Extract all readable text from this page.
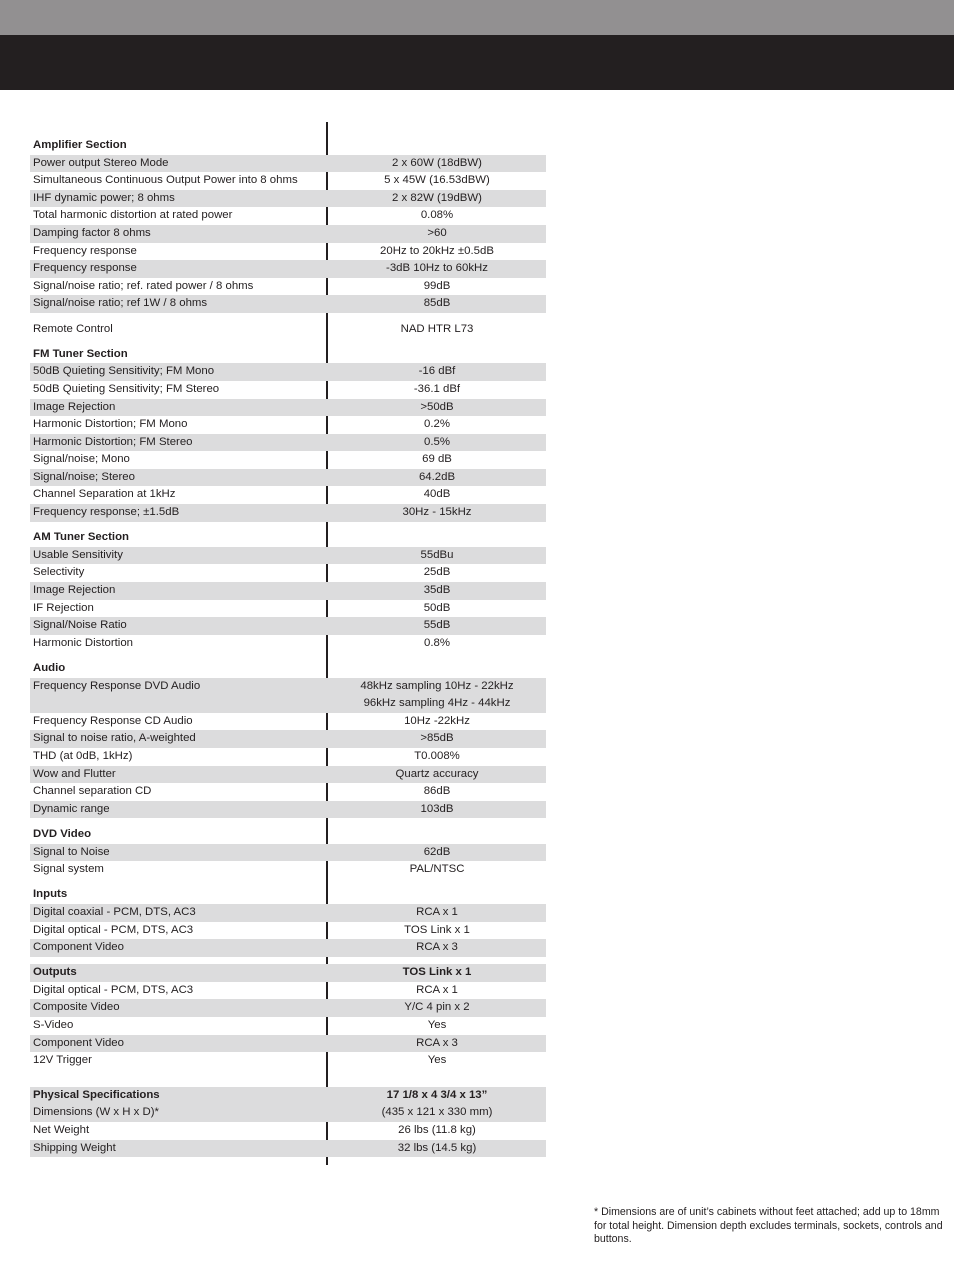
Amplifier Section
Power output Stereo Mode	2 x 60W (18dBW)
Simultaneous Continuous Output Power into 8 ohms	5 x 45W (16.53dBW)
IHF dynamic power; 8 ohms	2 x 82W (19dBW)
Total harmonic distortion at rated power	0.08%
Damping factor 8 ohms	>60
Frequency response	20Hz to 20kHz ±0.5dB
Frequency response	-3dB 10Hz to 60kHz
Signal/noise ratio; ref. rated power / 8 ohms	99dB
Signal/noise ratio; ref 1W / 8 ohms	85dB
Remote Control	NAD HTR L73
FM Tuner Section
50dB Quieting Sensitivity; FM Mono	-16 dBf
50dB Quieting Sensitivity; FM Stereo	-36.1 dBf
Image Rejection	>50dB
Harmonic Distortion; FM Mono	0.2%
Harmonic Distortion; FM Stereo	0.5%
Signal/noise; Mono	69 dB
Signal/noise; Stereo	64.2dB
Channel Separation at 1kHz	40dB
Frequency response; ±1.5dB	30Hz - 15kHz
AM Tuner Section
Usable Sensitivity	55dBu
Selectivity	25dB
Image Rejection	35dB
IF Rejection	50dB
Signal/Noise Ratio	55dB
Harmonic Distortion	0.8%
Audio
Frequency Response DVD Audio	48kHz sampling 10Hz - 22kHz
96kHz sampling 4Hz - 44kHz
Frequency Response CD Audio	10Hz -22kHz
Signal to noise ratio, A-weighted	>85dB
THD (at 0dB, 1kHz)	T0.008%
Wow and Flutter	Quartz accuracy
Channel separation CD	86dB
Dynamic range	103dB
DVD Video
Signal to Noise	62dB
Signal system	PAL/NTSC
Inputs
Digital coaxial - PCM, DTS, AC3	RCA x 1
Digital optical - PCM, DTS, AC3	TOS Link x 1
Component Video	RCA x 3
Outputs	TOS Link x 1
Digital optical - PCM, DTS, AC3	RCA x 1
Composite Video	Y/C 4 pin x 2
S-Video	Yes
Component Video	RCA x 3
12V Trigger	Yes
Physical Specifications	17 1/8 x 4 3/4 x 13”
Dimensions (W x H x D)*	(435 x 121 x 330 mm)
Net Weight	26 lbs (11.8 kg)
Shipping Weight	32 lbs (14.5 kg)
* Dimensions are of unit’s cabinets without feet attached; add up to 18mm for total height. Dimension depth excludes terminals, sockets, controls and buttons.
